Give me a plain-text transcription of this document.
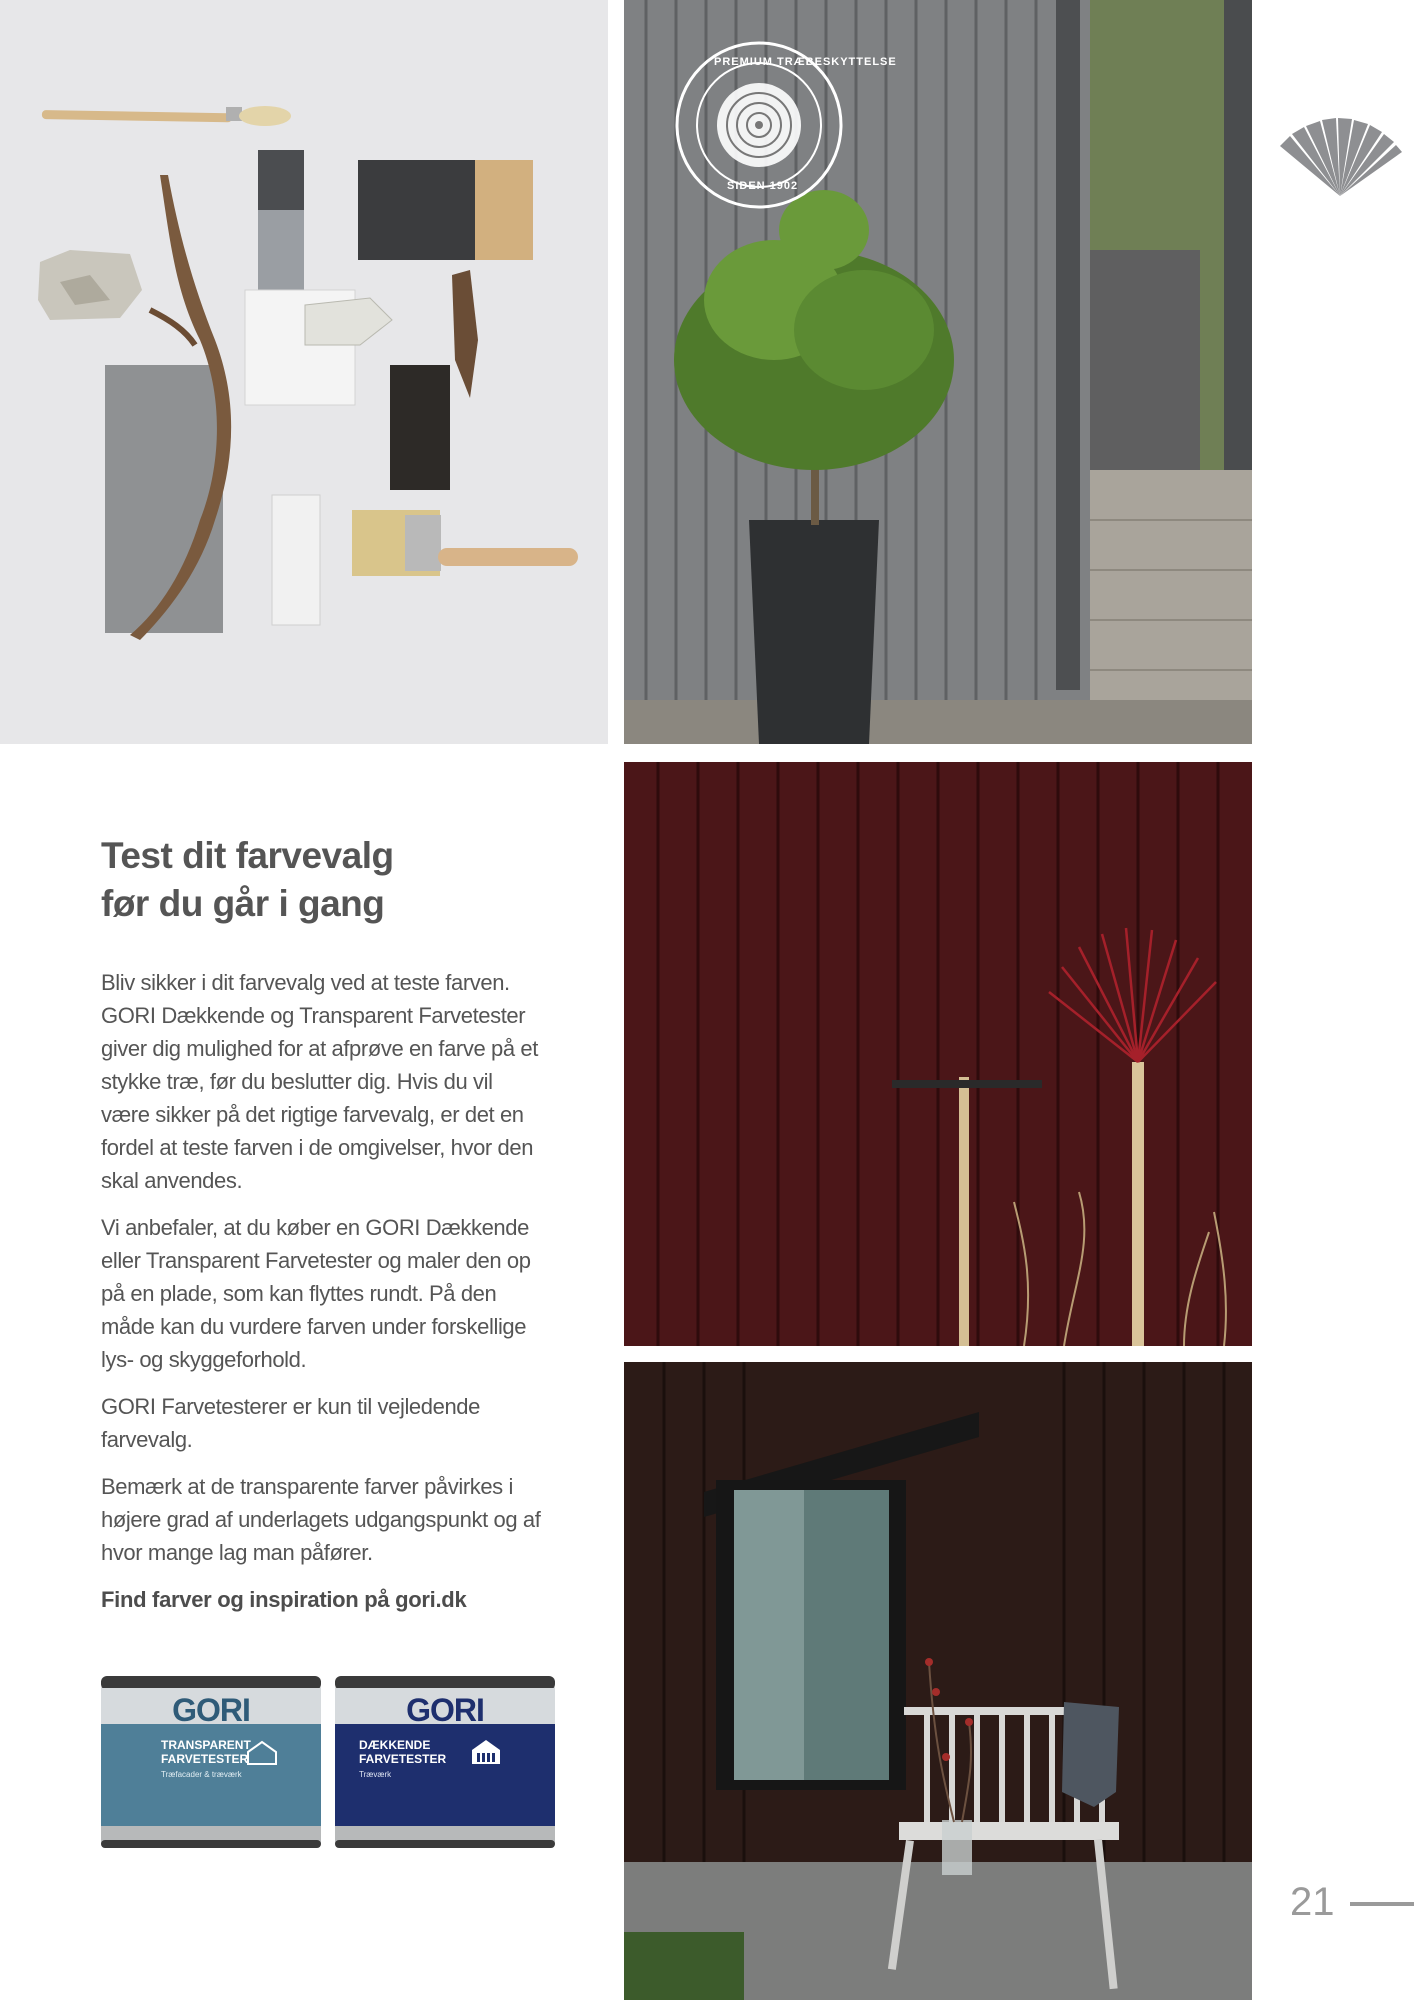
PREMIUM TRÆBESKYTTELSE
SIDEN 1902
Test dit farvevalg
før du går i gang

Bliv sikker i dit farvevalg ved at teste farven. GORI Dækkende og Transparent Farvetester giver dig mulighed for at afprøve en farve på et stykke træ, før du beslutter dig. Hvis du vil være sikker på det rigtige farvevalg, er det en fordel at teste farven i de omgivelser, hvor den skal anvendes.

Vi anbefaler, at du køber en GORI Dækkende eller Transparent Farvetester og maler den op på en plade, som kan flyttes rundt. På den måde kan du vurdere farven under forskellige lys- og skyggeforhold.

GORI Farvetesterer er kun til vejledende farvevalg.

Bemærk at de transparente farver påvirkes i højere grad af underlagets udgangspunkt og af hvor mange lag man påfører.

Find farver og inspiration på gori.dk

GORI
TRANSPARENT
FARVETESTER
Træfacader & træværk
GORI
DÆKKENDE
FARVETESTER
Træværk
21
